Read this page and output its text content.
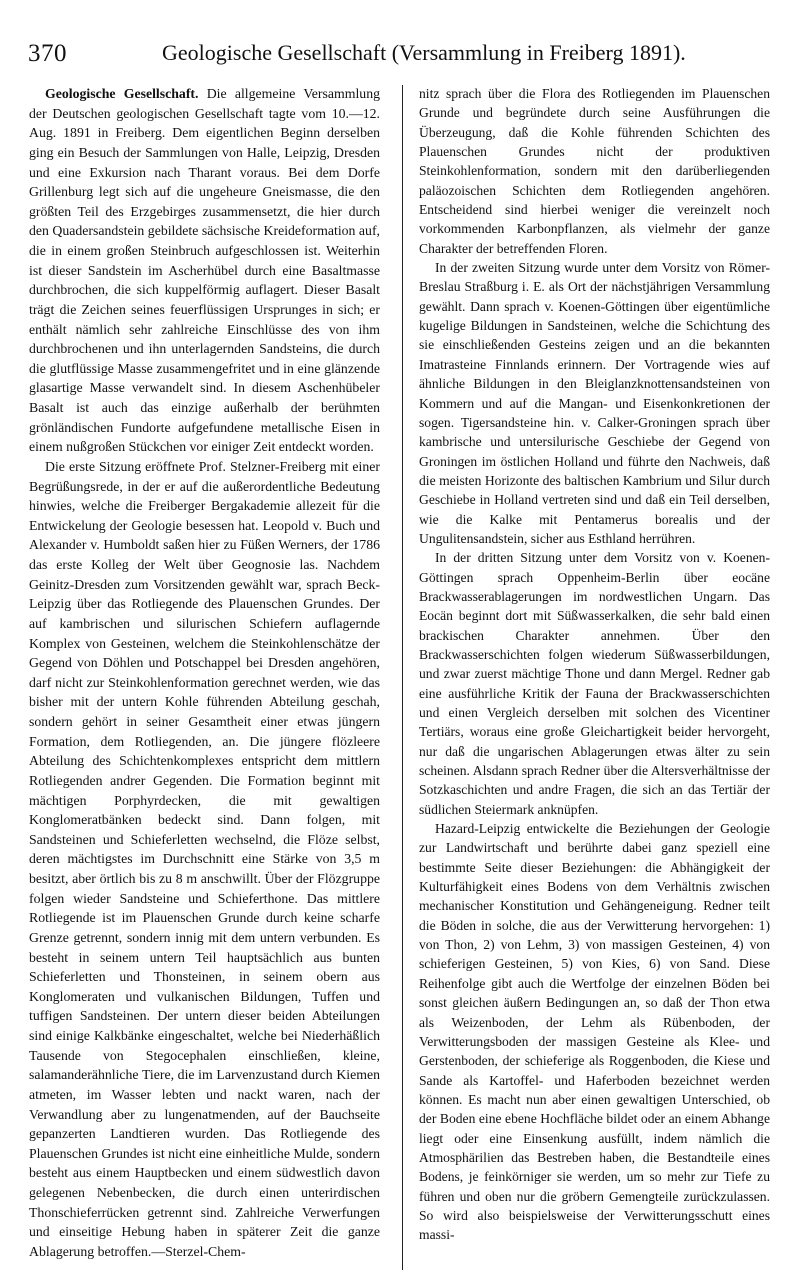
370	Geologische Gesellschaft (Versammlung in Freiberg 1891).

Geologische Gesellschaft. Die allgemeine Versammlung der Deutschen geologischen Gesellschaft tagte vom 10.—12. Aug. 1891 in Freiberg. Dem eigentlichen Beginn derselben ging ein Besuch der Sammlungen von Halle, Leipzig, Dresden und eine Exkursion nach Tharant voraus. Bei dem Dorfe Grillenburg legt sich auf die ungeheure Gneismasse, die den größten Teil des Erzgebirges zusammensetzt, die hier durch den Quadersandstein gebildete sächsische Kreideformation auf, die in einem großen Steinbruch aufgeschlossen ist. Weiterhin ist dieser Sandstein im Ascherhübel durch eine Basaltmasse durchbrochen, die sich kuppelförmig auflagert. Dieser Basalt trägt die Zeichen seines feuerflüssigen Ursprunges in sich; er enthält nämlich sehr zahlreiche Einschlüsse des von ihm durchbrochenen und ihn unterlagernden Sandsteins, die durch die glutflüssige Masse zusammengefritet und in eine glänzende glasartige Masse verwandelt sind. In diesem Aschenhübeler Basalt ist auch das einzige außerhalb der berühmten grönländischen Fundorte aufgefundene metallische Eisen in einem nußgroßen Stückchen vor einiger Zeit entdeckt worden.

Die erste Sitzung eröffnete Prof. Stelzner-Freiberg mit einer Begrüßungsrede, in der er auf die außerordentliche Bedeutung hinwies, welche die Freiberger Bergakademie allezeit für die Entwickelung der Geologie besessen hat. Leopold v. Buch und Alexander v. Humboldt saßen hier zu Füßen Werners, der 1786 das erste Kolleg der Welt über Geognosie las. Nachdem Geinitz-Dresden zum Vorsitzenden gewählt war, sprach Beck-Leipzig über das Rotliegende des Plauenschen Grundes. Der auf kambrischen und silurischen Schiefern auflagernde Komplex von Gesteinen, welchem die Steinkohlenschätze der Gegend von Döhlen und Potschappel bei Dresden angehören, darf nicht zur Steinkohlenformation gerechnet werden, wie das bisher mit der untern Kohle führenden Abteilung geschah, sondern gehört in seiner Gesamtheit einer etwas jüngern Formation, dem Rotliegenden, an. Die jüngere flözleere Abteilung des Schichtenkomplexes entspricht dem mittlern Rotliegenden andrer Gegenden. Die Formation beginnt mit mächtigen Porphyrdecken, die mit gewaltigen Konglomeratbänken bedeckt sind. Dann folgen, mit Sandsteinen und Schieferletten wechselnd, die Flöze selbst, deren mächtigstes im Durchschnitt eine Stärke von 3,5 m besitzt, aber örtlich bis zu 8 m anschwillt. Über der Flözgruppe folgen wieder Sandsteine und Schieferthone. Das mittlere Rotliegende ist im Plauenschen Grunde durch keine scharfe Grenze getrennt, sondern innig mit dem untern verbunden. Es besteht in seinem untern Teil hauptsächlich aus bunten Schieferletten und Thonsteinen, in seinem obern aus Konglomeraten und vulkanischen Bildungen, Tuffen und tuffigen Sandsteinen. Der untern dieser beiden Abteilungen sind einige Kalkbänke eingeschaltet, welche bei Niederhäßlich Tausende von Stegocephalen einschließen, kleine, salamanderähnliche Tiere, die im Larvenzustand durch Kiemen atmeten, im Wasser lebten und nackt waren, nach der Verwandlung aber zu lungenatmenden, auf der Bauchseite gepanzerten Landtieren wurden. Das Rotliegende des Plauenschen Grundes ist nicht eine einheitliche Mulde, sondern besteht aus einem Hauptbecken und einem südwestlich davon gelegenen Nebenbecken, die durch einen unterirdischen Thonschieferrücken getrennt sind. Zahlreiche Verwerfungen und einseitige Hebung haben in späterer Zeit die ganze Ablagerung betroffen.—Sterzel-Chem-

nitz sprach über die Flora des Rotliegenden im Plauenschen Grunde und begründete durch seine Ausführungen die Überzeugung, daß die Kohle führenden Schichten des Plauenschen Grundes nicht der produktiven Steinkohlenformation, sondern mit den darüberliegenden paläozoischen Schichten dem Rotliegenden angehören. Entscheidend sind hierbei weniger die vereinzelt noch vorkommenden Karbonpflanzen, als vielmehr der ganze Charakter der betreffenden Floren.

In der zweiten Sitzung wurde unter dem Vorsitz von Römer-Breslau Straßburg i. E. als Ort der nächstjährigen Versammlung gewählt. Dann sprach v. Koenen-Göttingen über eigentümliche kugelige Bildungen in Sandsteinen, welche die Schichtung des sie einschließenden Gesteins zeigen und an die bekannten Imatrasteine Finnlands erinnern. Der Vortragende wies auf ähnliche Bildungen in den Bleiglanzknottensandsteinen von Kommern und auf die Mangan- und Eisenkonkretionen der sogen. Tigersandsteine hin. v. Calker-Groningen sprach über kambrische und untersilurische Geschiebe der Gegend von Groningen im östlichen Holland und führte den Nachweis, daß die meisten Horizonte des baltischen Kambrium und Silur durch Geschiebe in Holland vertreten sind und daß ein Teil derselben, wie die Kalke mit Pentamerus borealis und der Ungulitensandstein, sicher aus Esthland herrühren.

In der dritten Sitzung unter dem Vorsitz von v. Koenen-Göttingen sprach Oppenheim-Berlin über eocäne Brackwasserablagerungen im nordwestlichen Ungarn. Das Eocän beginnt dort mit Süßwasserkalken, die sehr bald einen brackischen Charakter annehmen. Über den Brackwasserschichten folgen wiederum Süßwasserbildungen, und zwar zuerst mächtige Thone und dann Mergel. Redner gab eine ausführliche Kritik der Fauna der Brackwasserschichten und einen Vergleich derselben mit solchen des Vicentiner Tertiärs, woraus eine große Gleichartigkeit beider hervorgeht, nur daß die ungarischen Ablagerungen etwas älter zu sein scheinen. Alsdann sprach Redner über die Altersverhältnisse der Sotzkaschichten und andre Fragen, die sich an das Tertiär der südlichen Steiermark anknüpfen.

Hazard-Leipzig entwickelte die Beziehungen der Geologie zur Landwirtschaft und berührte dabei ganz speziell eine bestimmte Seite dieser Beziehungen: die Abhängigkeit der Kulturfähigkeit eines Bodens von dem Verhältnis zwischen mechanischer Konstitution und Gehängeneigung. Redner teilt die Böden in solche, die aus der Verwitterung hervorgehen: 1) von Thon, 2) von Lehm, 3) von massigen Gesteinen, 4) von schieferigen Gesteinen, 5) von Kies, 6) von Sand. Diese Reihenfolge gibt auch die Wertfolge der einzelnen Böden bei sonst gleichen äußern Bedingungen an, so daß der Thon etwa als Weizenboden, der Lehm als Rübenboden, der Verwitterungsboden der massigen Gesteine als Klee- und Gerstenboden, der schieferige als Roggenboden, die Kiese und Sande als Kartoffel- und Haferboden bezeichnet werden können. Es macht nun aber einen gewaltigen Unterschied, ob der Boden eine ebene Hochfläche bildet oder an einem Abhange liegt oder eine Einsenkung ausfüllt, indem nämlich die Atmosphärilien das Bestreben haben, die Bestandteile eines Bodens, je feinkörniger sie werden, um so mehr zur Tiefe zu führen und oben nur die gröbern Gemengteile zurückzulassen. So wird also beispielsweise der Verwitterungsschutt eines massi-
